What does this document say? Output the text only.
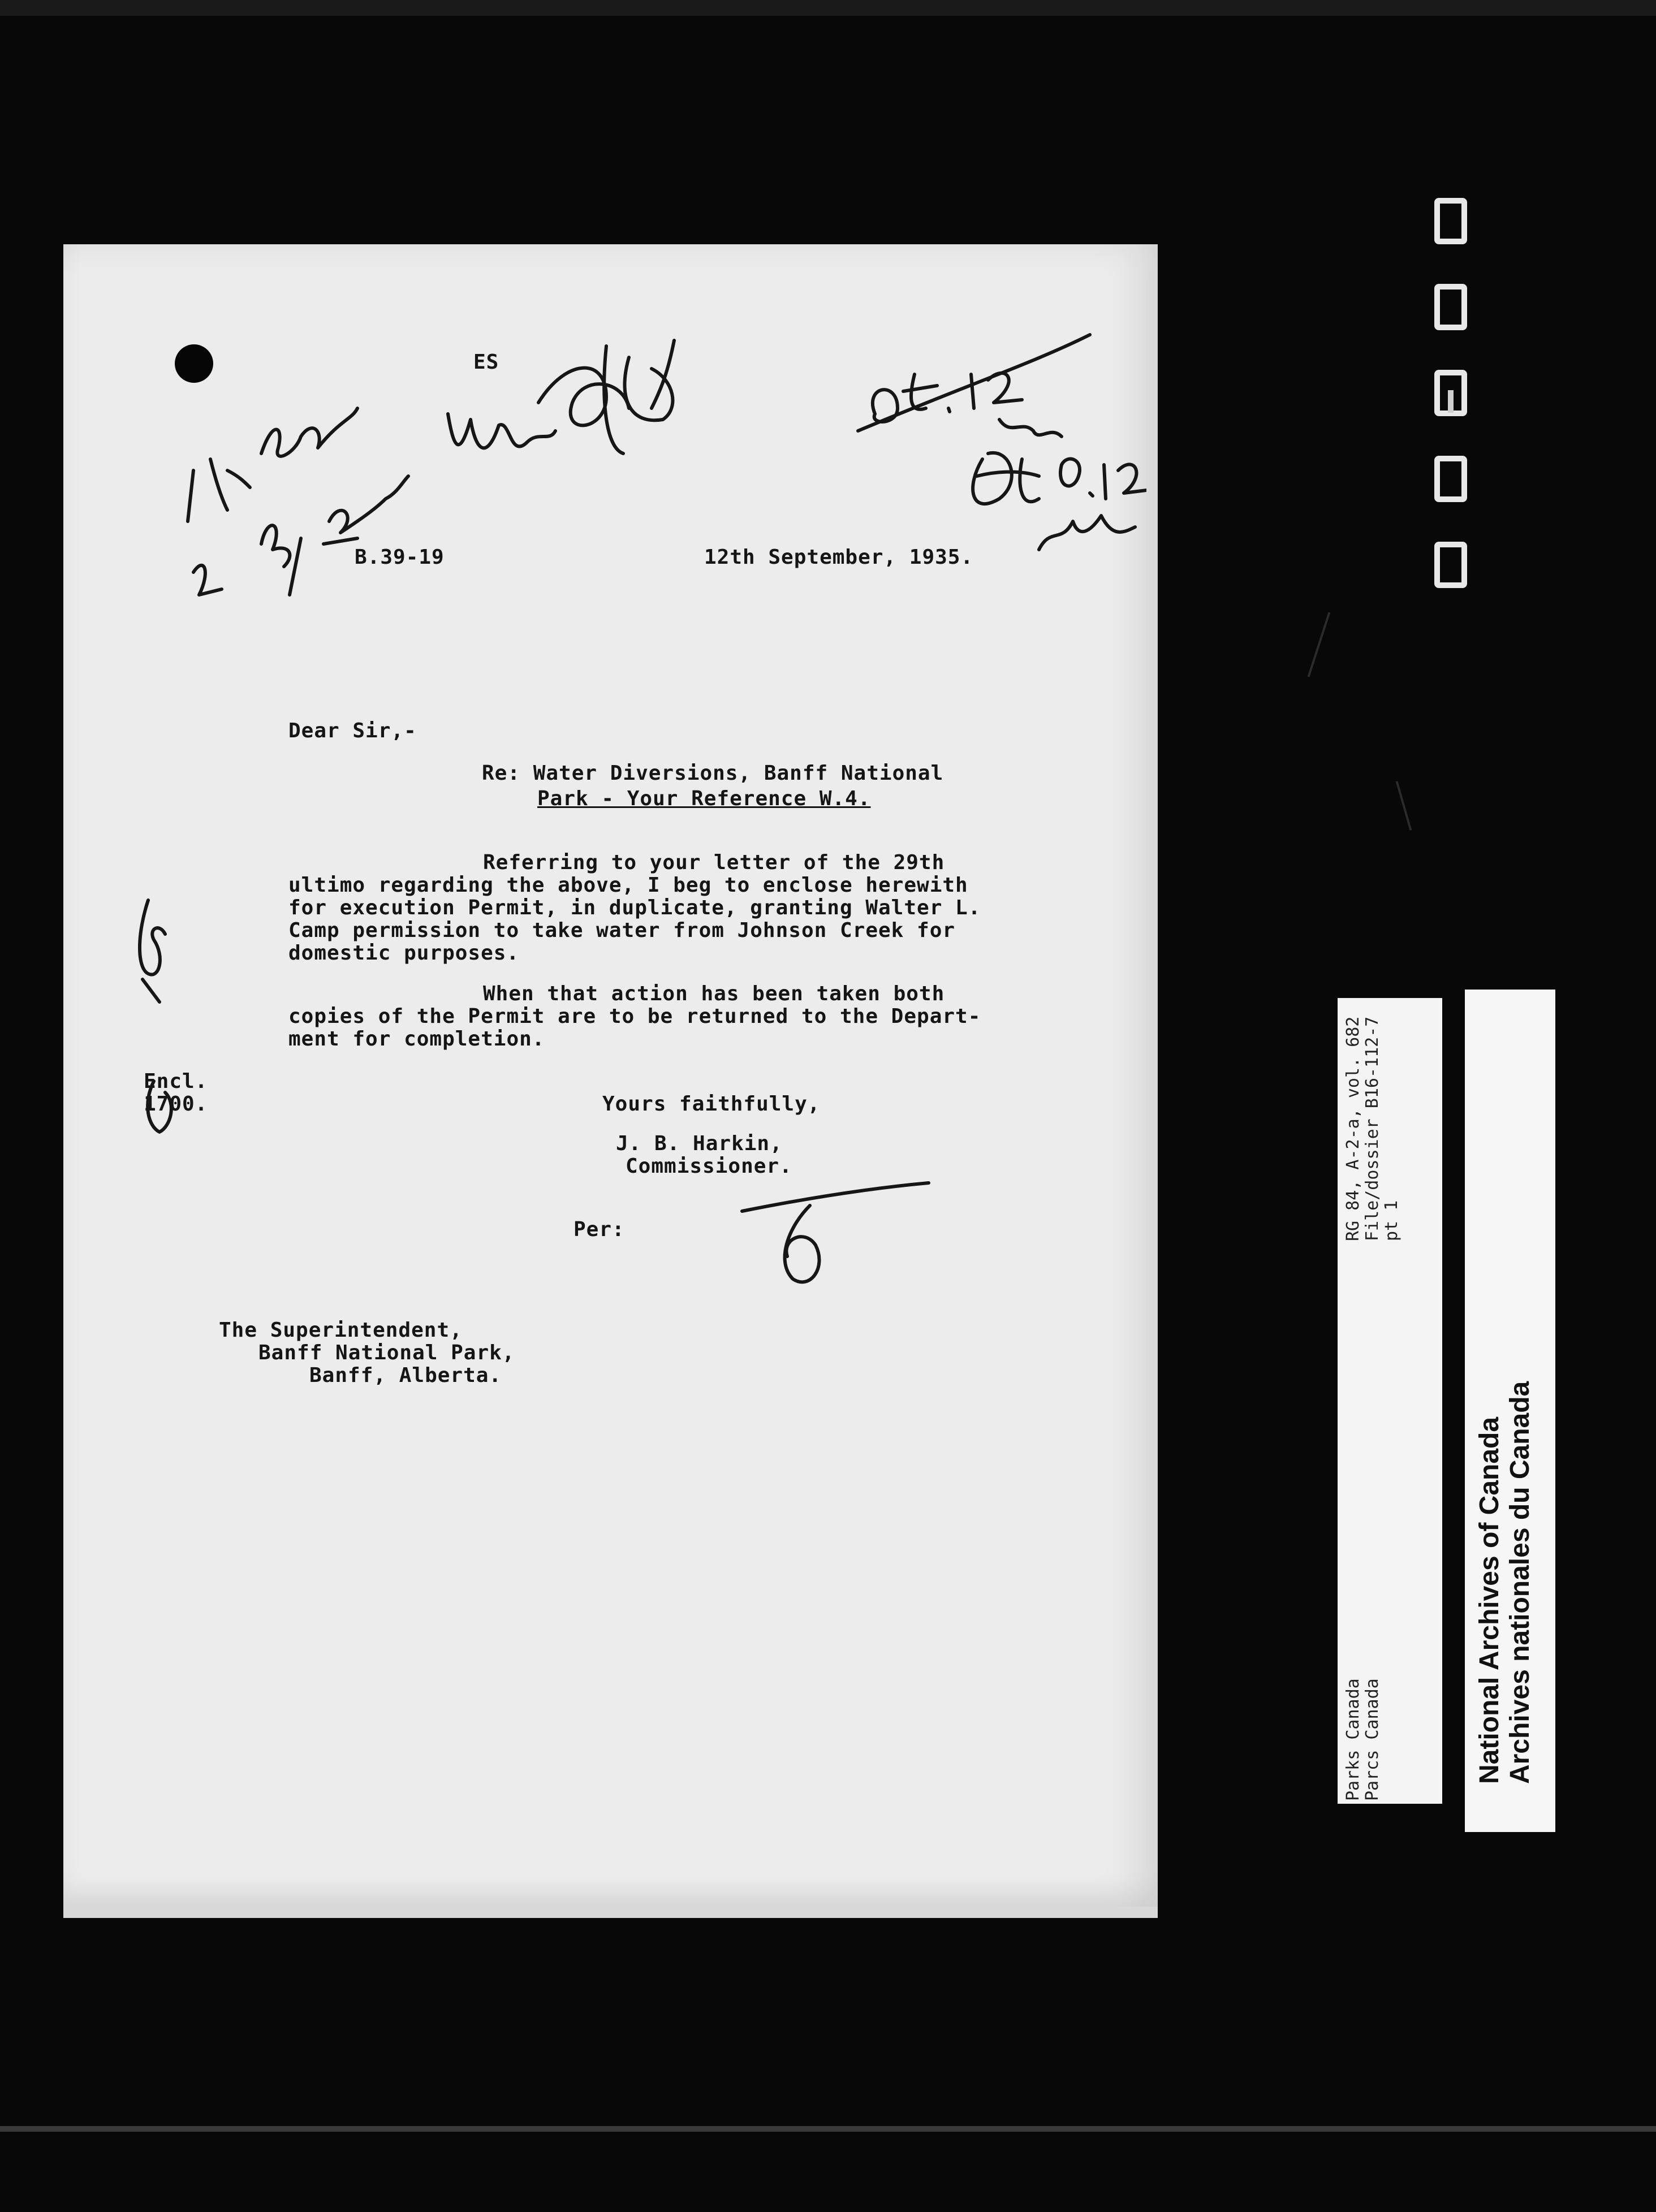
ES
B.39-19	12th September, 1935.
Dear Sir,-
Re: Water Diversions, Banff National
Park - Your Reference W.4.
Referring to your letter of the 29th
ultimo regarding the above, I beg to enclose herewith
for execution Permit, in duplicate, granting Walter L.
Camp permission to take water from Johnson Creek for
domestic purposes.
When that action has been taken both
copies of the Permit are to be returned to the Depart-
ment for completion.
Encl.
1700.	Yours faithfully,
J. B. Harkin,
Commissioner.
Per:
The Superintendent,
Banff National Park,
Banff, Alberta.
RG 84, A-2-a, vol. 682 File/dossier B16-112-7 pt 1
Parks Canada Parcs Canada	National Archives of Canada Archives nationales du Canada
